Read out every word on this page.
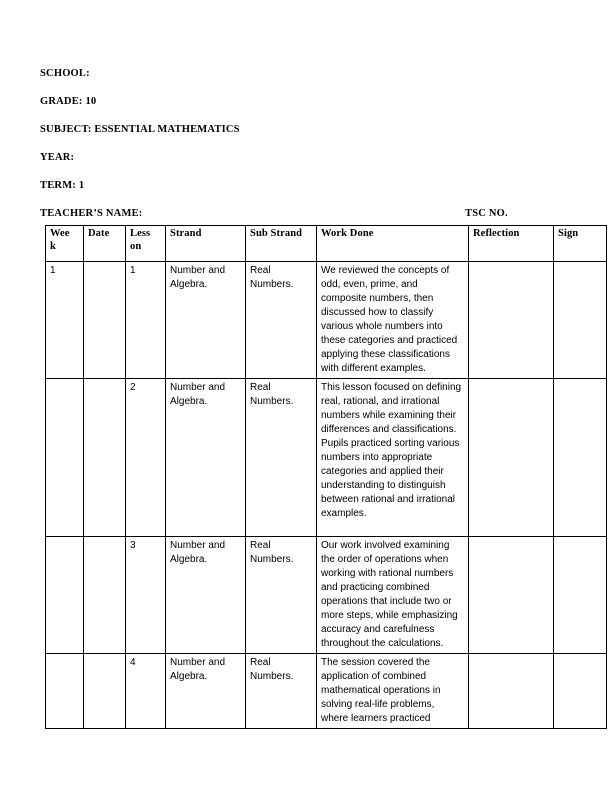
SCHOOL:

GRADE: 10

SUBJECT: ESSENTIAL MATHEMATICS

YEAR:

TERM: 1

TEACHER’S NAME:	TSC NO.

Week	Date	Lesson	Strand	Sub Strand	Work Done	Reflection	Sign
1		1	Number and Algebra.	Real Numbers.	We reviewed the concepts of odd, even, prime, and composite numbers, then discussed how to classify various whole numbers into these categories and practiced applying these classifications with different examples.		
		2	Number and Algebra.	Real Numbers.	This lesson focused on defining real, rational, and irrational numbers while examining their differences and classifications. Pupils practiced sorting various numbers into appropriate categories and applied their understanding to distinguish between rational and irrational examples.		
		3	Number and Algebra.	Real Numbers.	Our work involved examining the order of operations when working with rational numbers and practicing combined operations that include two or more steps, while emphasizing accuracy and carefulness throughout the calculations.		
		4	Number and Algebra.	Real Numbers.	The session covered the application of combined mathematical operations in solving real-life problems, where learners practiced		
